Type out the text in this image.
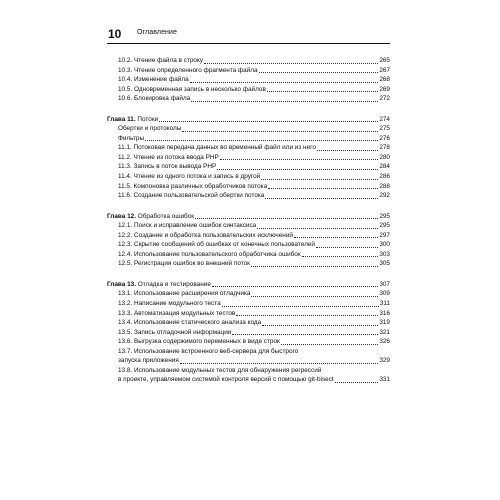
10 Оглавление
10.2. Чтение файла в строку	265
10.3. Чтение определенного фрагмента файла	267
10.4. Изменение файла	268
10.5. Одновременная запись в несколько файлов	269
10.6. Блокировка файла	272
Глава 11. Потоки	274
Обертки и протоколы	275
Фильтры	276
11.1. Потоковая передача данных во временный файл или из него	278
11.2. Чтение из потока ввода PHP	280
11.3. Запись в поток вывода PHP	284
11.4. Чтение из одного потока и запись в другой	286
11.5. Компоновка различных обработчиков потока	288
11.6. Создание пользовательской обертки потока	292
Глава 12. Обработка ошибок	295
12.1. Поиск и исправление ошибок синтаксиса	295
12.2. Создание и обработка пользовательских исключений	297
12.3. Скрытие сообщений об ошибках от конечных пользователей	300
12.4. Использование пользовательского обработчика ошибок	303
12.5. Регистрация ошибок во внешний поток	305
Глава 13. Отладка и тестирование	307
13.1. Использование расширения отладчика	309
13.2. Написание модульного теста	311
13.3. Автоматизация модульных тестов	316
13.4. Использование статического анализа кода	319
13.5. Запись отладочной информации	321
13.6. Выгрузка содержимого переменных в виде строк	326
13.7. Использование встроенного веб-сервера для быстрого
запуска приложения	329
13.8. Использование модульных тестов для обнаружения регрессий
в проекте, управляемом системой контроля версий с помощью git-bisect	331
